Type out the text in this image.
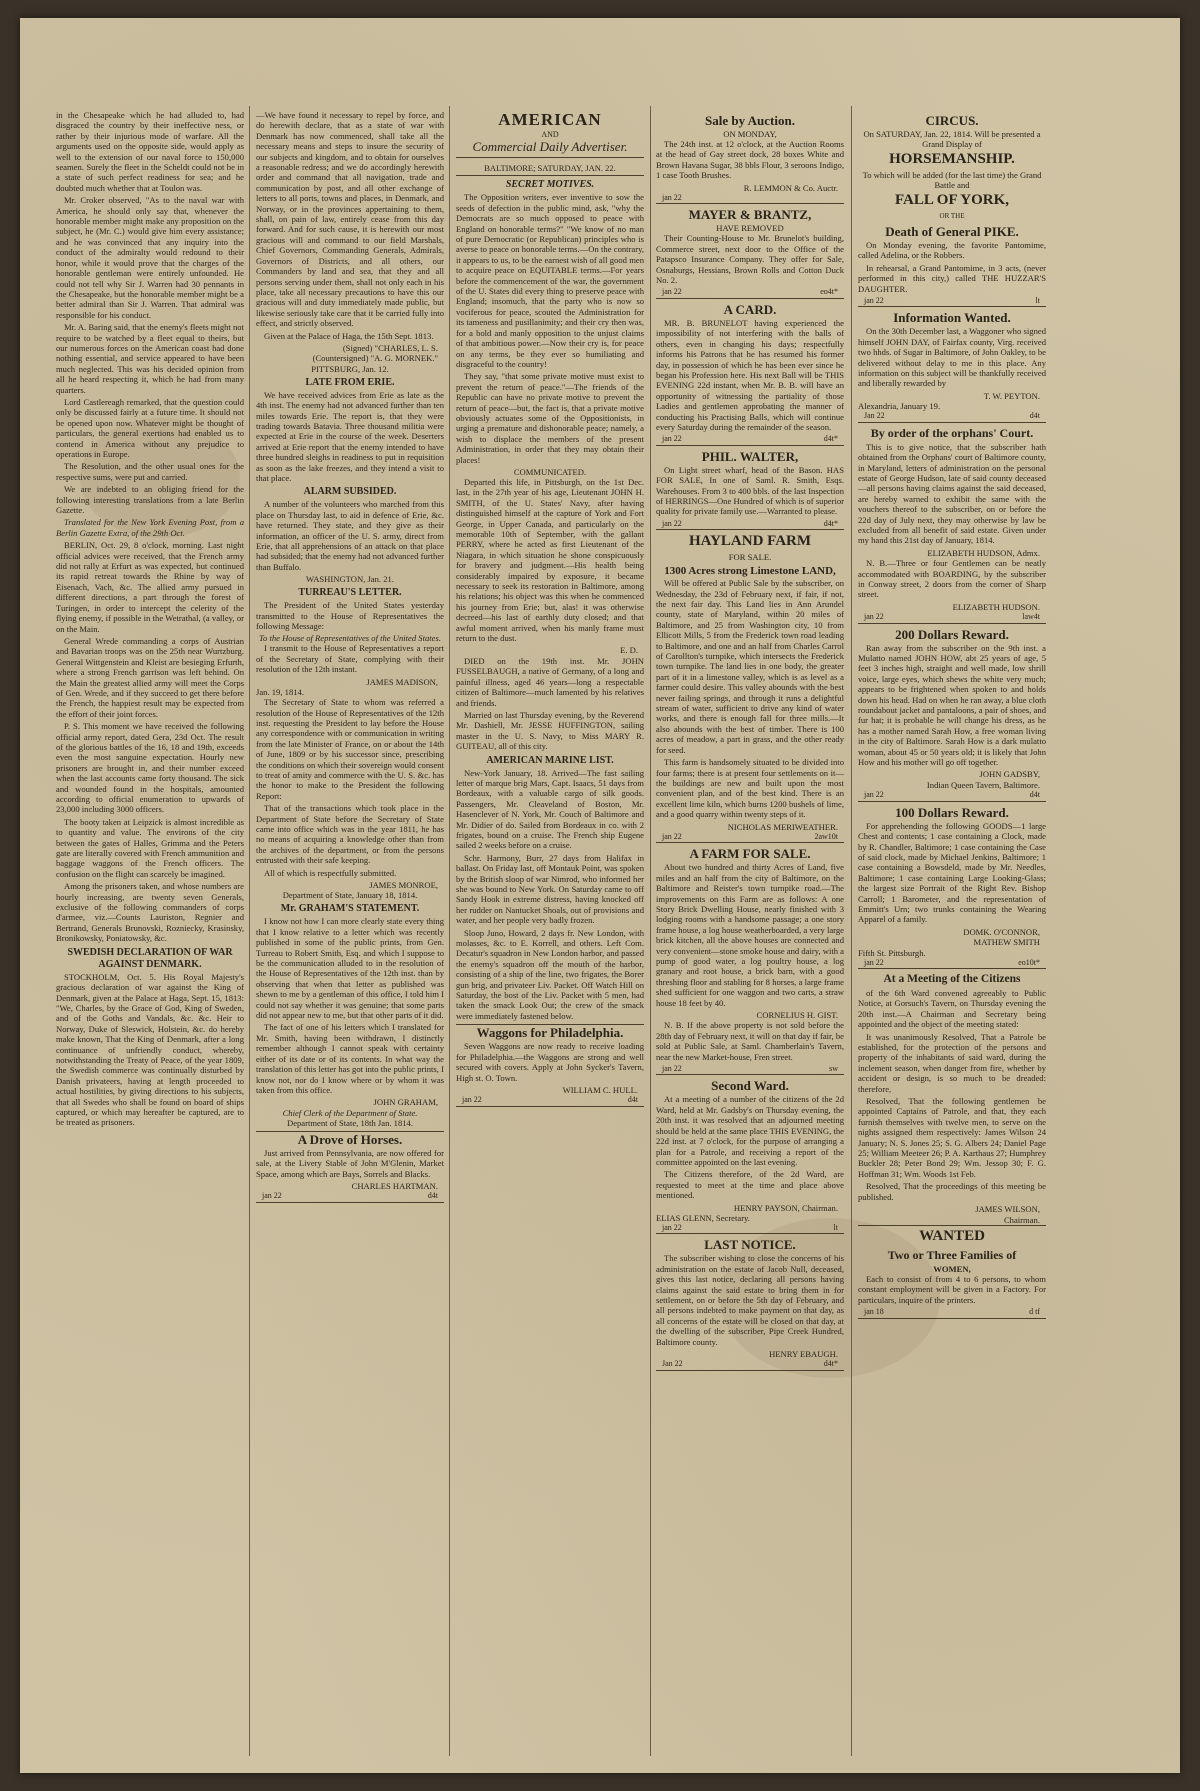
in the Chesapeake which he had alluded to, had disgraced the country by their ineffective ness, or rather by their injurious mode of warfare. All the arguments used on the opposite side, would apply as well to the extension of our naval force to 150,000 seamen. Surely the fleet in the Scheldt could not be in a state of such perfect readiness for sea; and he doubted much whether that at Toulon was.

Mr. Croker observed, "As to the naval war with America, he should only say that, whenever the honorable member might make any proposition on the subject, he (Mr. C.) would give him every assistance; and he was convinced that any inquiry into the conduct of the admiralty would redound to their honor, while it would prove that the charges of the honorable gentleman were entirely unfounded. He could not tell why Sir J. Warren had 30 pennants in the Chesapeake, but the honorable member might be a better admiral than Sir J. Warren. That admiral was responsible for his conduct.

Mr. A. Baring said, that the enemy's fleets might not require to be watched by a fleet equal to theirs, but our numerous forces on the American coast had done nothing essential, and service appeared to have been much neglected. This was his decided opinion from all he heard respecting it, which he had from many quarters.

Lord Castlereagh remarked, that the question could only be discussed fairly at a future time. It should not be opened upon now. Whatever might be thought of particulars, the general exertions had enabled us to contend in America without any prejudice to operations in Europe.

The Resolution, and the other usual ones for the respective sums, were put and carried.

We are indebted to an obliging friend for the following interesting translations from a late Berlin Gazette.

Translated for the New York Evening Post, from a Berlin Gazette Extra, of the 29th Oct.

BERLIN, Oct. 29, 8 o'clock, morning. Last night official advices were received, that the French army did not rally at Erfurt as was expected, but continued its rapid retreat towards the Rhine by way of Eisenach, Vach, &c. The allied army pursued in different directions, a part through the forest of Turingen, in order to intercept the celerity of the flying enemy, if possible in the Wetrathal, (a valley, or on the Main.

General Wrede commanding a corps of Austrian and Bavarian troops was on the 25th near Wurtzburg. General Wittgenstein and Kleist are besieging Erfurth, where a strong French garrison was left behind. On the Main the greatest allied army will meet the Corps of Gen. Wrede, and if they succeed to get there before the French, the happiest result may be expected from the effort of their joint forces.

P. S. This moment we have received the following official army report, dated Gera, 23d Oct. The result of the glorious battles of the 16, 18 and 19th, exceeds even the most sanguine expectation. Hourly new prisoners are brought in, and their number exceed when the last accounts came forty thousand. The sick and wounded found in the hospitals, amounted according to official enumeration to upwards of 23,000 including 3000 officers.

The booty taken at Leipzick is almost incredible as to quantity and value. The environs of the city between the gates of Halles, Grimma and the Peters gate are literally covered with French ammunition and baggage waggons of the French officers. The confusion on the flight can scarcely be imagined.

Among the prisoners taken, and whose numbers are hourly increasing, are twenty seven Generals, exclusive of the following commanders of corps d'armee, viz.—Counts Lauriston, Regnier and Bertrand, Generals Brunovski, Rozniecky, Krasinsky, Bronikowsky, Poniatowsky, &c.

SWEDISH DECLARATION OF WAR AGAINST DENMARK.

STOCKHOLM, Oct. 5. His Royal Majesty's gracious declaration of war against the King of Denmark, given at the Palace at Haga, Sept. 15, 1813: "We, Charles, by the Grace of God, King of Sweden, and of the Goths and Vandals, &c. &c. Heir to Norway, Duke of Sleswick, Holstein, &c. do hereby make known, That the King of Denmark, after a long continuance of unfriendly conduct, whereby, notwithstanding the Treaty of Peace, of the year 1809, the Swedish commerce was continually disturbed by Danish privateers, having at length proceeded to actual hostilities, by giving directions to his subjects, that all Swedes who shall be found on board of ships captured, or which may hereafter be captured, are to be treated as prisoners.

—We have found it necessary to repel by force, and do herewith declare, that as a state of war with Denmark has now commenced, shall take all the necessary means and steps to insure the security of our subjects and kingdom, and to obtain for ourselves a reasonable redress; and we do accordingly herewith order and command that all navigation, trade and communication by post, and all other exchange of letters to all ports, towns and places, in Denmark, and Norway, or in the provinces appertaining to them, shall, on pain of law, entirely cease from this day forward. And for such cause, it is herewith our most gracious will and command to our field Marshals, Chief Governors, Commanding Generals, Admirals, Governors of Districts, and all others, our Commanders by land and sea, that they and all persons serving under them, shall not only each in his place, take all necessary precautions to have this our gracious will and duty immediately made public, but likewise seriously take care that it be carried fully into effect, and strictly observed.

Given at the Palace of Haga, the 15th Sept. 1813.

(Signed) "CHARLES, L. S.
(Countersigned) "A. G. MORNEK."
PITTSBURG, Jan. 12.
LATE FROM ERIE.

We have received advices from Erie as late as the 4th inst. The enemy had not advanced further than ten miles towards Erie. The report is, that they were trading towards Batavia. Three thousand militia were expected at Erie in the course of the week. Deserters arrived at Erie report that the enemy intended to have three hundred sleighs in readiness to put in requisition as soon as the lake freezes, and they intend a visit to that place.

ALARM SUBSIDED.

A number of the volunteers who marched from this place on Thursday last, to aid in defence of Erie, &c. have returned. They state, and they give as their information, an officer of the U. S. army, direct from Erie, that all apprehensions of an attack on that place had subsided; that the enemy had not advanced further than Buffalo.

WASHINGTON, Jan. 21.
TURREAU'S LETTER.

The President of the United States yesterday transmitted to the House of Representatives the following Message:

To the House of Representatives of the United States.

I transmit to the House of Representatives a report of the Secretary of State, complying with their resolution of the 12th instant.

JAMES MADISON,
Jan. 19, 1814.

The Secretary of State to whom was referred a resolution of the House of Representatives of the 12th inst. requesting the President to lay before the House any correspondence with or communication in writing from the late Minister of France, on or about the 14th of June, 1809 or by his successor since, prescribing the conditions on which their sovereign would consent to treat of amity and commerce with the U. S. &c. has the honor to make to the President the following Report:

That of the transactions which took place in the Department of State before the Secretary of State came into office which was in the year 1811, he has no means of acquiring a knowledge other than from the archives of the department, or from the persons entrusted with their safe keeping.

All of which is respectfully submitted.

JAMES MONROE,
Department of State, January 18, 1814.
Mr. GRAHAM'S STATEMENT.

I know not how I can more clearly state every thing that I know relative to a letter which was recently published in some of the public prints, from Gen. Turreau to Robert Smith, Esq. and which I suppose to be the communication alluded to in the resolution of the House of Representatives of the 12th inst. than by observing that when that letter as published was shewn to me by a gentleman of this office, I told him I could not say whether it was genuine; that some parts did not appear new to me, but that other parts of it did.

The fact of one of his letters which I translated for Mr. Smith, having been withdrawn, I distinctly remember although I cannot speak with certainty either of its date or of its contents. In what way the translation of this letter has got into the public prints, I know not, nor do I know where or by whom it was taken from this office.

JOHN GRAHAM,
Chief Clerk of the Department of State.
Department of State, 18th Jan. 1814.
A Drove of Horses.

Just arrived from Pennsylvania, are now offered for sale, at the Livery Stable of John M'Glenin, Market Space, among which are Bays, Sorrels and Blacks.

CHARLES HARTMAN.
jan 22	d4t
AMERICAN
AND
Commercial Daily Advertiser.
BALTIMORE; SATURDAY, JAN. 22.
SECRET MOTIVES.

The Opposition writers, ever inventive to sow the seeds of defection in the public mind, ask, "why the Democrats are so much opposed to peace with England on honorable terms?" "We know of no man of pure Democratic (or Republican) principles who is averse to peace on honorable terms.—On the contrary, it appears to us, to be the earnest wish of all good men to acquire peace on EQUITABLE terms.—For years before the commencement of the war, the government of the U. States did every thing to preserve peace with England; insomuch, that the party who is now so vociferous for peace, scouted the Administration for its tameness and pusillanimity; and their cry then was, for a bold and manly opposition to the unjust claims of that ambitious power.—Now their cry is, for peace on any terms, be they ever so humiliating and disgraceful to the country!

They say, "that some private motive must exist to prevent the return of peace."—The friends of the Republic can have no private motive to prevent the return of peace—but, the fact is, that a private motive obviously actuates some of the Oppositionists, in urging a premature and dishonorable peace; namely, a wish to displace the members of the present Administration, in order that they may obtain their places!

COMMUNICATED.

Departed this life, in Pittsburgh, on the 1st Dec. last, in the 27th year of his age, Lieutenant JOHN H. SMITH, of the U. States' Navy, after having distinguished himself at the capture of York and Fort George, in Upper Canada, and particularly on the memorable 10th of September, with the gallant PERRY, where he acted as first Lieutenant of the Niagara, in which situation he shone conspicuously for bravery and judgment.—His health being considerably impaired by exposure, it became necessary to seek its restoration in Baltimore, among his relations; his object was this when he commenced his journey from Erie; but, alas! it was otherwise decreed—his last of earthly duty closed; and that awful moment arrived, when his manly frame must return to the dust.

E. D.

DIED on the 19th inst. Mr. JOHN FUSSELBAUGH, a native of Germany, of a long and painful illness, aged 46 years—long a respectable citizen of Baltimore—much lamented by his relatives and friends.

Married on last Thursday evening, by the Reverend Mr. Dashiell, Mr. JESSE HUFFINGTON, sailing master in the U. S. Navy, to Miss MARY R. GUITEAU, all of this city.

AMERICAN MARINE LIST.

New-York January, 18. Arrived—The fast sailing letter of marque brig Mars, Capt. Isaacs, 51 days from Bordeaux, with a valuable cargo of silk goods. Passengers, Mr. Cleaveland of Boston, Mr. Hasenclever of N. York, Mr. Couch of Baltimore and Mr. Didier of do. Sailed from Bordeaux in co. with 2 frigates, bound on a cruise. The French ship Eugene sailed 2 weeks before on a cruise.

Schr. Harmony, Burr, 27 days from Halifax in ballast. On Friday last, off Montauk Point, was spoken by the British sloop of war Nimrod, who informed her she was bound to New York. On Saturday came to off Sandy Hook in extreme distress, having knocked off her rudder on Nantucket Shoals, out of provisions and water, and her people very badly frozen.

Sloop Juno, Howard, 2 days fr. New London, with molasses, &c. to E. Korrell, and others. Left Com. Decatur's squadron in New London harbor, and passed the enemy's squadron off the mouth of the harbor, consisting of a ship of the line, two frigates, the Borer gun brig, and privateer Liv. Packet. Off Watch Hill on Saturday, the bost of the Liv. Packet with 5 men, had taken the smack Look Out; the crew of the smack were immediately fastened below.

Waggons for Philadelphia.

Seven Waggons are now ready to receive loading for Philadelphia.—the Waggons are strong and well secured with covers. Apply at John Sycker's Tavern, High st. O. Town.

WILLIAM C. HULL.
jan 22	d4t
Sale by Auction.
ON MONDAY,

The 24th inst. at 12 o'clock, at the Auction Rooms at the head of Gay street dock, 28 boxes White and Brown Havana Sugar, 38 bbls Flour, 3 seroons Indigo, 1 case Tooth Brushes.

R. LEMMON & Co. Auctr.
jan 22
MAYER & BRANTZ,
HAVE REMOVED

Their Counting-House to Mr. Brunelot's building, Commerce street, next door to the Office of the Patapsco Insurance Company. They offer for Sale, Osnaburgs, Hessians, Brown Rolls and Cotton Duck No. 2.

jan 22	eo4t*
A CARD.

MR. B. BRUNELOT having experienced the impossibility of not interfering with the balls of others, even in changing his days; respectfully informs his Patrons that he has resumed his former day, in possession of which he has been ever since he began his Profession here. His next Ball will be THIS EVENING 22d instant, when Mr. B. B. will have an opportunity of witnessing the partiality of those Ladies and gentlemen approbating the manner of conducting his Practising Balls, which will continue every Saturday during the remainder of the season.

jan 22	d4t*
PHIL. WALTER,

On Light street wharf, head of the Bason. HAS FOR SALE, In one of Saml. R. Smith, Esqs. Warehouses. From 3 to 400 bbls. of the last Inspection of HERRINGS—One Hundred of which is of superior quality for private family use.—Warranted to please.

jan 22	d4t*
HAYLAND FARM
FOR SALE.
1300 Acres strong Limestone LAND,

Will be offered at Public Sale by the subscriber, on Wednesday, the 23d of February next, if fair, if not, the next fair day. This Land lies in Ann Arundel county, state of Maryland, within 20 miles of Baltimore, and 25 from Washington city, 10 from Ellicott Mills, 5 from the Frederick town road leading to Baltimore, and one and an half from Charles Carrol of Carollton's turnpike, which intersects the Frederick town turnpike. The land lies in one body, the greater part of it in a limestone valley, which is as level as a farmer could desire. This valley abounds with the best never failing springs, and through it runs a delightful stream of water, sufficient to drive any kind of water works, and there is enough fall for three mills.—It also abounds with the best of timber. There is 100 acres of meadow, a part in grass, and the other ready for seed.

This farm is handsomely situated to be divided into four farms; there is at present four settlements on it—the buildings are new and built upon the most convenient plan, and of the best kind. There is an excellent lime kiln, which burns 1200 bushels of lime, and a good quarry within twenty steps of it.

NICHOLAS MERIWEATHER.
jan 22	2aw10t
A FARM FOR SALE.

About two hundred and thirty Acres of Land, five miles and an half from the city of Baltimore, on the Baltimore and Reister's town turnpike road.—The improvements on this Farm are as follows: A one Story Brick Dwelling House, nearly finished with 3 lodging rooms with a handsome passage; a one story frame house, a log house weatherboarded, a very large brick kitchen, all the above houses are connected and very convenient—stone smoke house and dairy, with a pump of good water, a log poultry house, a log granary and root house, a brick barn, with a good threshing floor and stabling for 8 horses, a large frame shed sufficient for one waggon and two carts, a straw house 18 feet by 40.

CORNELIUS H. GIST.

N. B. If the above property is not sold before the 28th day of February next, it will on that day if fair, be sold at Public Sale, at Saml. Chamberlain's Tavern, near the new Market-house, Fren street.

jan 22	sw
Second Ward.

At a meeting of a number of the citizens of the 2d Ward, held at Mr. Gadsby's on Thursday evening, the 20th inst. it was resolved that an adjourned meeting should be held at the same place THIS EVENING, the 22d inst. at 7 o'clock, for the purpose of arranging a plan for a Patrole, and receiving a report of the committee appointed on the last evening.

The Citizens therefore, of the 2d Ward, are requested to meet at the time and place above mentioned.

HENRY PAYSON, Chairman.
ELIAS GLENN, Secretary.
jan 22	lt
LAST NOTICE.

The subscriber wishing to close the concerns of his administration on the estate of Jacob Null, deceased, gives this last notice, declaring all persons having claims against the said estate to bring them in for settlement, on or before the 5th day of February, and all persons indebted to make payment on that day, as all concerns of the estate will be closed on that day, at the dwelling of the subscriber, Pipe Creek Hundred, Baltimore county.

HENRY EBAUGH.
Jan 22	d4t*
CIRCUS.
On SATURDAY, Jan. 22, 1814. Will be presented a Grand Display of
HORSEMANSHIP.
To which will be added (for the last time) the Grand Battle and
FALL OF YORK,
OR THE
Death of General PIKE.

On Monday evening, the favorite Pantomime, called Adelina, or the Robbers.

In rehearsal, a Grand Pantomime, in 3 acts, (never performed in this city,) called THE HUZZAR'S DAUGHTER.

jan 22	lt
Information Wanted.

On the 30th December last, a Waggoner who signed himself JOHN DAY, of Fairfax county, Virg. received two hhds. of Sugar in Baltimore, of John Oakley, to be delivered without delay to me in this place. Any information on this subject will be thankfully received and liberally rewarded by

T. W. PEYTON.
Alexandria, January 19.
Jan 22	d4t
By order of the orphans' Court.

This is to give notice, that the subscriber hath obtained from the Orphans' court of Baltimore county, in Maryland, letters of administration on the personal estate of George Hudson, late of said county deceased—all persons having claims against the said deceased, are hereby warned to exhibit the same with the vouchers thereof to the subscriber, on or before the 22d day of July next, they may otherwise by law be excluded from all benefit of said estate. Given under my hand this 21st day of January, 1814.

ELIZABETH HUDSON, Admx.

N. B.—Three or four Gentlemen can be neatly accommodated with BOARDING, by the subscriber in Conway street, 2 doors from the corner of Sharp street.

ELIZABETH HUDSON.
jan 22	law4t
200 Dollars Reward.

Ran away from the subscriber on the 9th inst. a Mulatto named JOHN HOW, abt 25 years of age, 5 feet 3 inches high, straight and well made, low shrill voice, large eyes, which shews the white very much; appears to be frightened when spoken to and holds down his head. Had on when he ran away, a blue cloth roundabout jacket and pantaloons, a pair of shoes, and fur hat; it is probable he will change his dress, as he has a mother named Sarah How, a free woman living in the city of Baltimore. Sarah How is a dark mulatto woman, about 45 or 50 years old; it is likely that John How and his mother will go off together.

JOHN GADSBY,
Indian Queen Tavern, Baltimore.
jan 22	d4t
100 Dollars Reward.

For apprehending the following GOODS—1 large Chest and contents; 1 case containing a Clock, made by R. Chandler, Baltimore; 1 case containing the Case of said clock, made by Michael Jenkins, Baltimore; 1 case containing a Bowsdeld, made by Mr. Needles, Baltimore; 1 case containing Large Looking-Glass; the largest size Portrait of the Right Rev. Bishop Carroll; 1 Barometer, and the representation of Emmitt's Urn; two trunks containing the Wearing Apparel of a family.

DOMK. O'CONNOR,
MATHEW SMITH
Fifth St. Pittsburgh.
jan 22	eo10t*
At a Meeting of the Citizens

of the 6th Ward convened agreeably to Public Notice, at Gorsuch's Tavern, on Thursday evening the 20th inst.—A Chairman and Secretary being appointed and the object of the meeting stated:

It was unanimously Resolved, That a Patrole be established, for the protection of the persons and property of the inhabitants of said ward, during the inclement season, when danger from fire, whether by accident or design, is so much to be dreaded: therefore,

Resolved, That the following gentlemen be appointed Captains of Patrole, and that, they each furnish themselves with twelve men, to serve on the nights assigned them respectively: James Wilson 24 January; N. S. Jones 25; S. G. Albers 24; Daniel Page 25; William Meeteer 26; P. A. Karthaus 27; Humphrey Buckler 28; Peter Bond 29; Wm. Jessop 30; F. G. Hoffman 31; Wm. Woods 1st Feb.

Resolved, That the proceedings of this meeting be published.

JAMES WILSON,
Chairman.
WANTED
Two or Three Families of
WOMEN,

Each to consist of from 4 to 6 persons, to whom constant employment will be given in a Factory. For particulars, inquire of the printers.

jan 18	d tf
